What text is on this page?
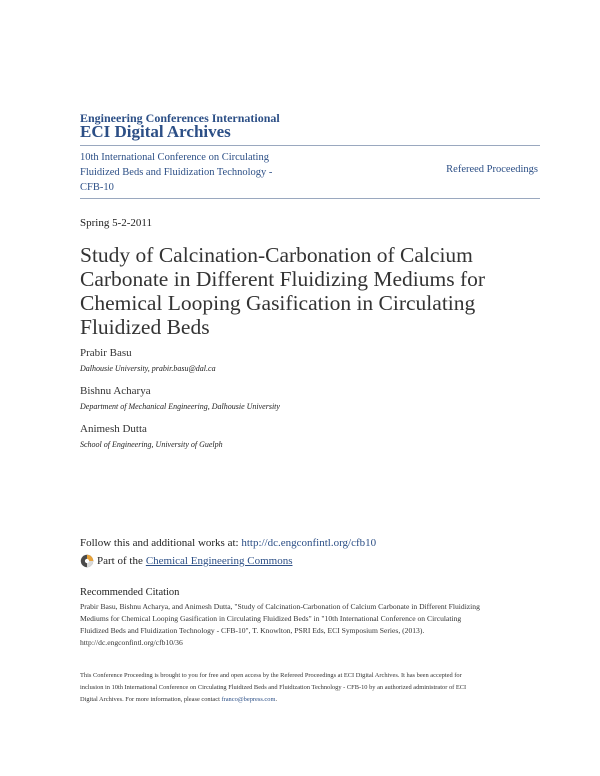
Engineering Conferences International
ECI Digital Archives
10th International Conference on Circulating
Fluidized Beds and Fluidization Technology -
CFB-10
Refereed Proceedings
Spring 5-2-2011
Study of Calcination-Carbonation of Calcium
Carbonate in Different Fluidizing Mediums for
Chemical Looping Gasification in Circulating
Fluidized Beds
Prabir Basu
Dalhousie University, prabir.basu@dal.ca
Bishnu Acharya
Department of Mechanical Engineering, Dalhousie University
Animesh Dutta
School of Engineering, University of Guelph
Follow this and additional works at: http://dc.engconfintl.org/cfb10
Part of the Chemical Engineering Commons
Recommended Citation
Prabir Basu, Bishnu Acharya, and Animesh Dutta, "Study of Calcination-Carbonation of Calcium Carbonate in Different Fluidizing
Mediums for Chemical Looping Gasification in Circulating Fluidized Beds" in "10th International Conference on Circulating
Fluidized Beds and Fluidization Technology - CFB-10", T. Knowlton, PSRI Eds, ECI Symposium Series, (2013).
http://dc.engconfintl.org/cfb10/36
This Conference Proceeding is brought to you for free and open access by the Refereed Proceedings at ECI Digital Archives. It has been accepted for
inclusion in 10th International Conference on Circulating Fluidized Beds and Fluidization Technology - CFB-10 by an authorized administrator of ECI
Digital Archives. For more information, please contact franco@bepress.com.
